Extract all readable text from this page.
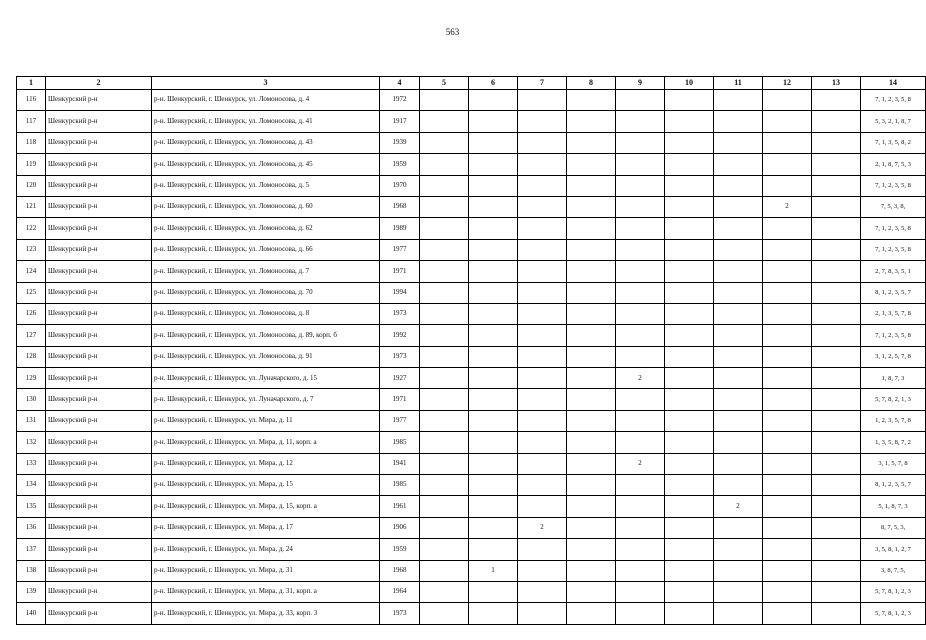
563
1	2	3	4	5	6	7	8	9	10	11	12	13	14
116	Шенкурский р-н	р-н. Шенкурский, г. Шенкурск, ул. Ломоносова, д. 4	1972										7, 1, 2, 3, 5, 8
117	Шенкурский р-н	р-н. Шенкурский, г. Шенкурск, ул. Ломоносова, д. 41	1917										5, 3, 2, 1, 8, 7
118	Шенкурский р-н	р-н. Шенкурский, г. Шенкурск, ул. Ломоносова, д. 43	1939										7, 1, 3, 5, 8, 2
119	Шенкурский р-н	р-н. Шенкурский, г. Шенкурск, ул. Ломоносова, д. 45	1959										2, 1, 8, 7, 5, 3
120	Шенкурский р-н	р-н. Шенкурский, г. Шенкурск, ул. Ломоносова, д. 5	1970										7, 1, 2, 3, 5, 8
121	Шенкурский р-н	р-н. Шенкурский, г. Шенкурск, ул. Ломоносова, д. 60	1968								2		7, 5, 3, 8,
122	Шенкурский р-н	р-н. Шенкурский, г. Шенкурск, ул. Ломоносова, д. 62	1989										7, 1, 2, 3, 5, 8
123	Шенкурский р-н	р-н. Шенкурский, г. Шенкурск, ул. Ломоносова, д. 66	1977										7, 1, 2, 3, 5, 8
124	Шенкурский р-н	р-н. Шенкурский, г. Шенкурск, ул. Ломоносова, д. 7	1971										2, 7, 8, 3, 5, 1
125	Шенкурский р-н	р-н. Шенкурский, г. Шенкурск, ул. Ломоносова, д. 70	1994										8, 1, 2, 3, 5, 7
126	Шенкурский р-н	р-н. Шенкурский, г. Шенкурск, ул. Ломоносова, д. 8	1973										2, 1, 3, 5, 7, 8
127	Шенкурский р-н	р-н. Шенкурский, г. Шенкурск, ул. Ломоносова, д. 89, корп. б	1992										7, 1, 2, 3, 5, 8
128	Шенкурский р-н	р-н. Шенкурский, г. Шенкурск, ул. Ломоносова, д. 91	1973										3, 1, 2, 5, 7, 8
129	Шенкурский р-н	р-н. Шенкурский, г. Шенкурск, ул. Луначарского, д. 15	1927					2					1, 8, 7, 3
130	Шенкурский р-н	р-н. Шенкурский, г. Шенкурск, ул. Луначарского, д. 7	1971										5, 7, 8, 2, 1, 3
131	Шенкурский р-н	р-н. Шенкурский, г. Шенкурск, ул. Мира, д. 11	1977										1, 2, 3, 5, 7, 8
132	Шенкурский р-н	р-н. Шенкурский, г. Шенкурск, ул. Мира, д. 11, корп. а	1985										1, 3, 5, 8, 7, 2
133	Шенкурский р-н	р-н. Шенкурский, г. Шенкурск, ул. Мира, д. 12	1941					2					3, 1, 5, 7, 8
134	Шенкурский р-н	р-н. Шенкурский, г. Шенкурск, ул. Мира, д. 15	1985										8, 1, 2, 3, 5, 7
135	Шенкурский р-н	р-н. Шенкурский, г. Шенкурск, ул. Мира, д. 15, корп. а	1961							2			5, 1, 8, 7, 3
136	Шенкурский р-н	р-н. Шенкурский, г. Шенкурск, ул. Мира, д. 17	1906			2							8, 7, 5, 3,
137	Шенкурский р-н	р-н. Шенкурский, г. Шенкурск, ул. Мира, д. 24	1959										3, 5, 8, 1, 2, 7
138	Шенкурский р-н	р-н. Шенкурский, г. Шенкурск, ул. Мира, д. 31	1968		1								3, 8, 7, 5,
139	Шенкурский р-н	р-н. Шенкурский, г. Шенкурск, ул. Мира, д. 31, корп. а	1964										5, 7, 8, 1, 2, 3
140	Шенкурский р-н	р-н. Шенкурский, г. Шенкурск, ул. Мира, д. 33, корп. 3	1973										5, 7, 8, 1, 2, 3
